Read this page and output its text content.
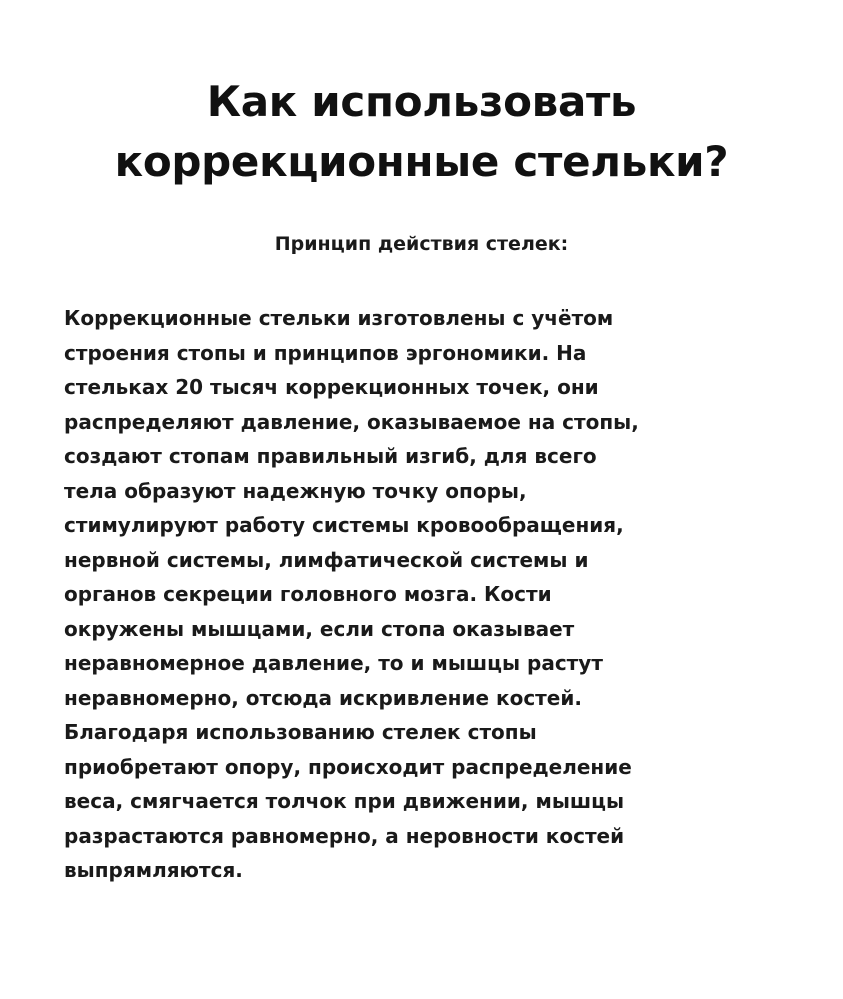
Как использовать
коррекционные стельки?
Принцип действия стелек:
Коррекционные стельки изготовлены с учётом
строения стопы и принципов эргономики. На
стельках 20 тысяч коррекционных точек, они
распределяют давление, оказываемое на стопы,
создают стопам правильный изгиб, для всего
тела образуют надежную точку опоры,
стимулируют работу системы кровообращения,
нервной системы, лимфатической системы и
органов секреции головного мозга. Кости
окружены мышцами, если стопа оказывает
неравномерное давление, то и мышцы растут
неравномерно, отсюда искривление костей.
Благодаря использованию стелек стопы
приобретают опору, происходит распределение
веса, смягчается толчок при движении, мышцы
разрастаются равномерно, а неровности костей
выпрямляются.
